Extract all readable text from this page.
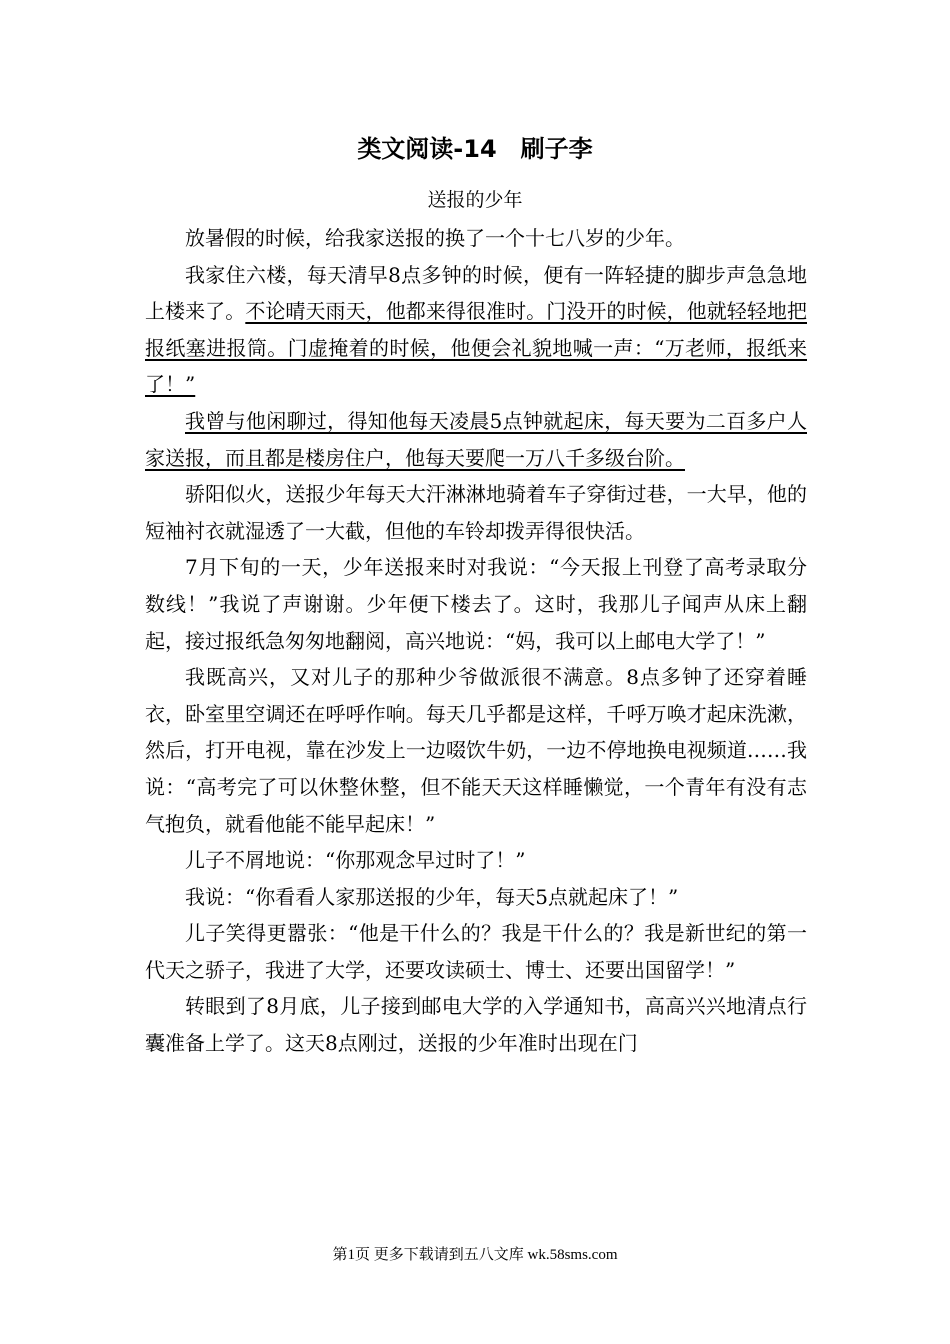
类文阅读-14　刷子李
送报的少年

放暑假的时候，给我家送报的换了一个十七八岁的少年。

我家住六楼，每天清早8点多钟的时候，便有一阵轻捷的脚步声急急地上楼来了。不论晴天雨天，他都来得很准时。门没开的时候，他就轻轻地把报纸塞进报筒。门虚掩着的时候，他便会礼貌地喊一声：“万老师，报纸来了！”

我曾与他闲聊过，得知他每天凌晨5点钟就起床，每天要为二百多户人家送报，而且都是楼房住户，他每天要爬一万八千多级台阶。

骄阳似火，送报少年每天大汗淋淋地骑着车子穿街过巷，一大早，他的短袖衬衣就湿透了一大截，但他的车铃却拨弄得很快活。

7月下旬的一天，少年送报来时对我说：“今天报上刊登了高考录取分数线！”我说了声谢谢。少年便下楼去了。这时，我那儿子闻声从床上翻起，接过报纸急匆匆地翻阅，高兴地说：“妈，我可以上邮电大学了！”

我既高兴，又对儿子的那种少爷做派很不满意。8点多钟了还穿着睡衣，卧室里空调还在呼呼作响。每天几乎都是这样，千呼万唤才起床洗漱，然后，打开电视，靠在沙发上一边啜饮牛奶，一边不停地换电视频道……我说：“高考完了可以休整休整，但不能天天这样睡懒觉，一个青年有没有志气抱负，就看他能不能早起床！”

儿子不屑地说：“你那观念早过时了！”

我说：“你看看人家那送报的少年，每天5点就起床了！”

儿子笑得更嚣张：“他是干什么的？我是干什么的？我是新世纪的第一代天之骄子，我进了大学，还要攻读硕士、博士、还要出国留学！”

转眼到了8月底，儿子接到邮电大学的入学通知书，高高兴兴地清点行囊准备上学了。这天8点刚过，送报的少年准时出现在门

第1页 更多下载请到五八文库 wk.58sms.com
